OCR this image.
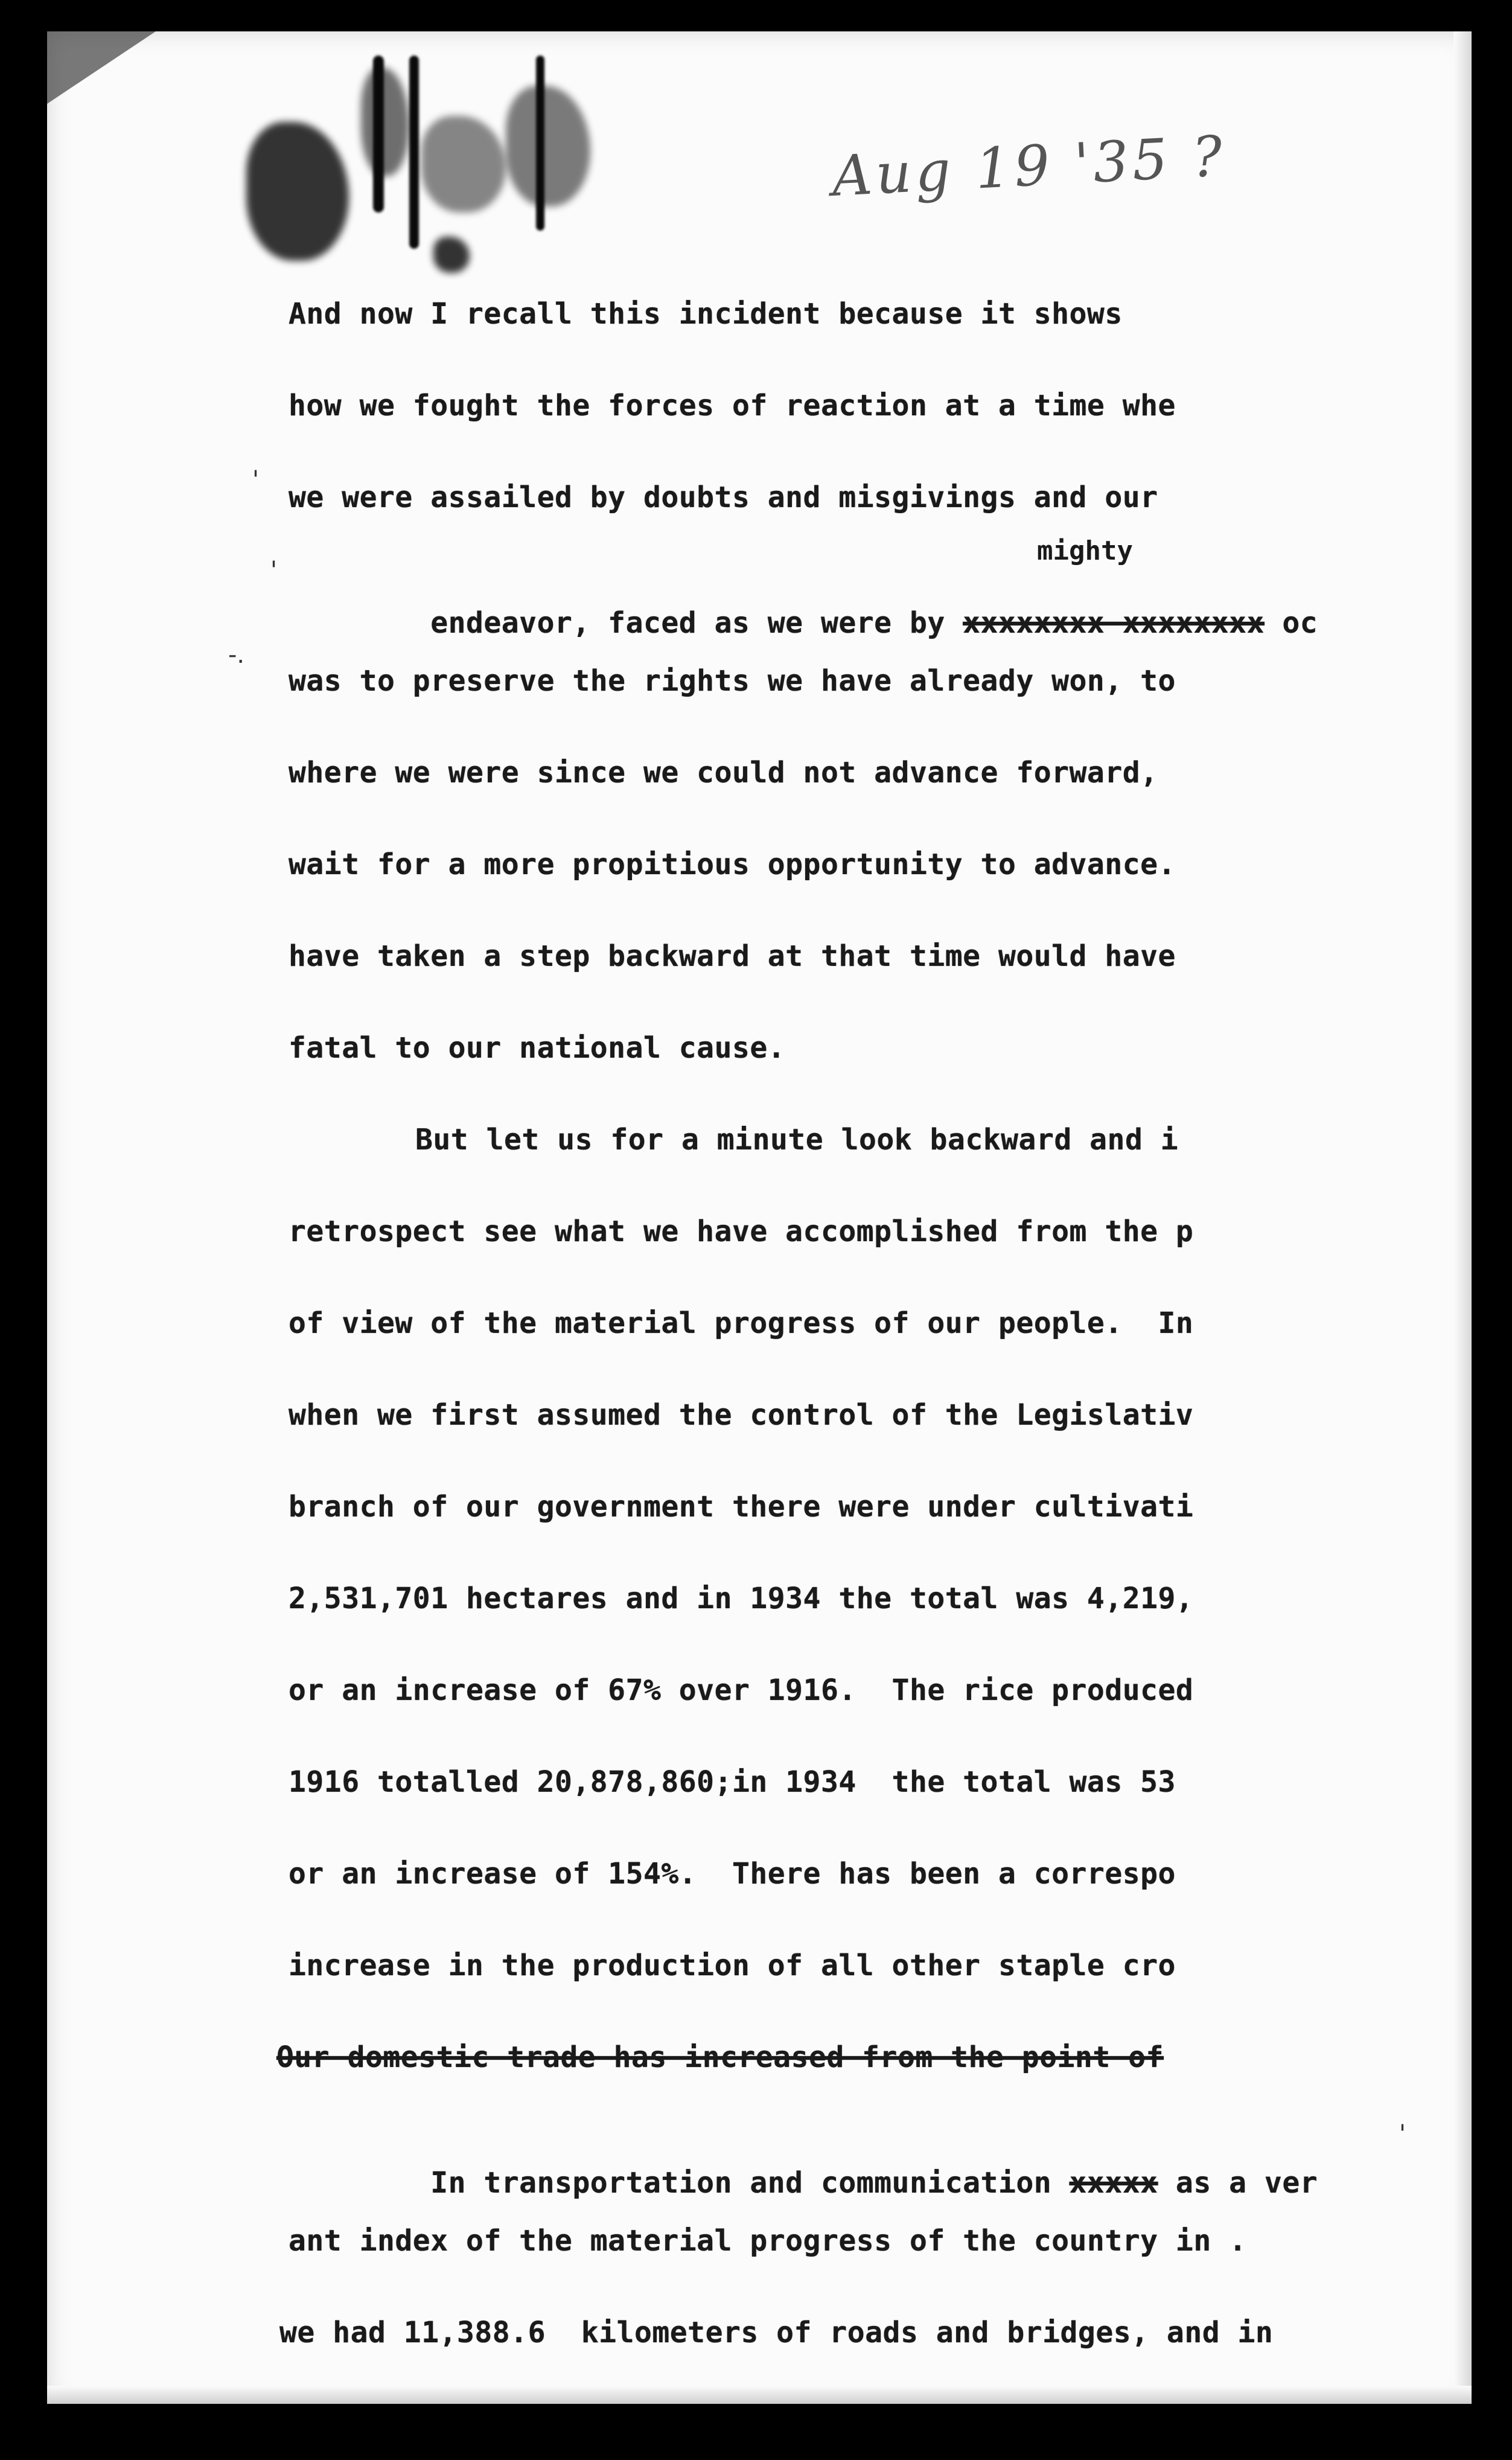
Aug 19 '35 ?
'
'
-.
'
And now I recall this incident because it shows
how we fought the forces of reaction at a time whe
we were assailed by doubts and misgivings and our
mighty

endeavor, faced as we were by xxxxxxxx xxxxxxxx oc

was to preserve the rights we have already won, to
where we were since we could not advance forward,
wait for a more propitious opportunity to advance.
have taken a step backward at that time would have
fatal to our national cause.
But let us for a minute look backward and i
retrospect see what we have accomplished from the p
of view of the material progress of our people.  In
when we first assumed the control of the Legislativ
branch of our government there were under cultivati
2,531,701 hectares and in 1934 the total was 4,219,
or an increase of 67% over 1916.  The rice produced
1916 totalled 20,878,860;in 1934  the total was 53
or an increase of 154%.  There has been a correspo
increase in the production of all other staple cro
Our domestic trade has increased from the point of

In transportation and communication xxxxx as a ver

ant index of the material progress of the country in .
we had 11,388.6  kilometers of roads and bridges, and in
